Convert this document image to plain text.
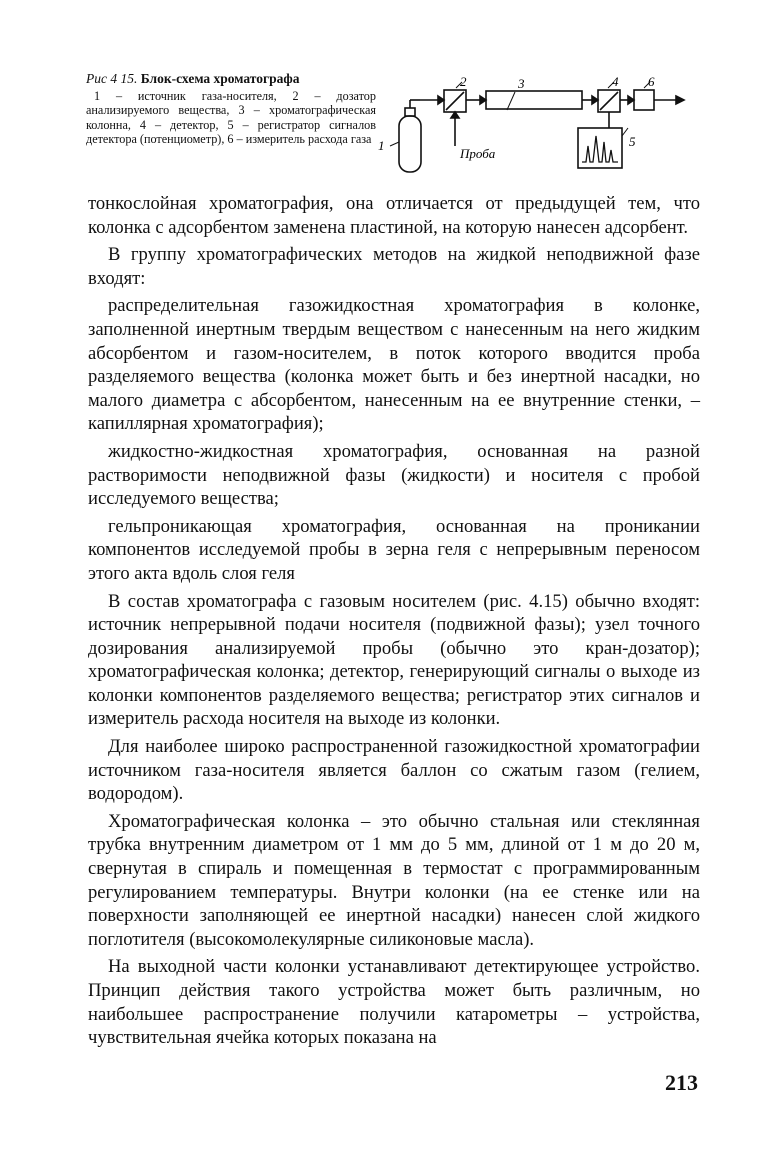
Рис 4 15. Блок-схема хроматографа
1 – источник газа-носителя, 2 – дозатор анализируемого вещества, 3 – хроматографическая колонна, 4 – детектор, 5 – регистратор сигналов детектора (потенциометр), 6 – измеритель расхода газа 1
2	3	4 6
5
Проба

тонкослойная хроматография, она отличается от предыдущей тем, что колонка с адсорбентом заменена пластиной, на которую нанесен адсорбент.

В группу хроматографических методов на жидкой неподвижной фазе входят:

распределительная газожидкостная хроматография в колонке, заполненной инертным твердым веществом с нанесенным на него жидким абсорбентом и газом-носителем, в поток которого вводится проба разделяемого вещества (колонка может быть и без инертной насадки, но малого диаметра с абсорбентом, нанесенным на ее внутренние стенки, – капиллярная хроматография);

жидкостно-жидкостная хроматография, основанная на разной растворимости неподвижной фазы (жидкости) и носителя с пробой исследуемого вещества;

гельпроникающая хроматография, основанная на проникании компонентов исследуемой пробы в зерна геля с непрерывным переносом этого акта вдоль слоя геля

В состав хроматографа с газовым носителем (рис. 4.15) обычно входят: источник непрерывной подачи носителя (подвижной фазы); узел точного дозирования анализируемой пробы (обычно это кран-дозатор); хроматографическая колонка; детектор, генерирующий сигналы о выходе из колонки компонентов разделяемого вещества; регистратор этих сигналов и измеритель расхода носителя на выходе из колонки.

Для наиболее широко распространенной газожидкостной хроматографии источником газа-носителя является баллон со сжатым газом (гелием, водородом).

Хроматографическая колонка – это обычно стальная или стеклянная трубка внутренним диаметром от 1 мм до 5 мм, длиной от 1 м до 20 м, свернутая в спираль и помещенная в термостат с программированным регулированием температуры. Внутри колонки (на ее стенке или на поверхности заполняющей ее инертной насадки) нанесен слой жидкого поглотителя (высокомолекулярные силиконовые масла).

На выходной части колонки устанавливают детектирующее устройство. Принцип действия такого устройства может быть различным, но наибольшее распространение получили катарометры – устройства, чувствительная ячейка которых показана на

213
